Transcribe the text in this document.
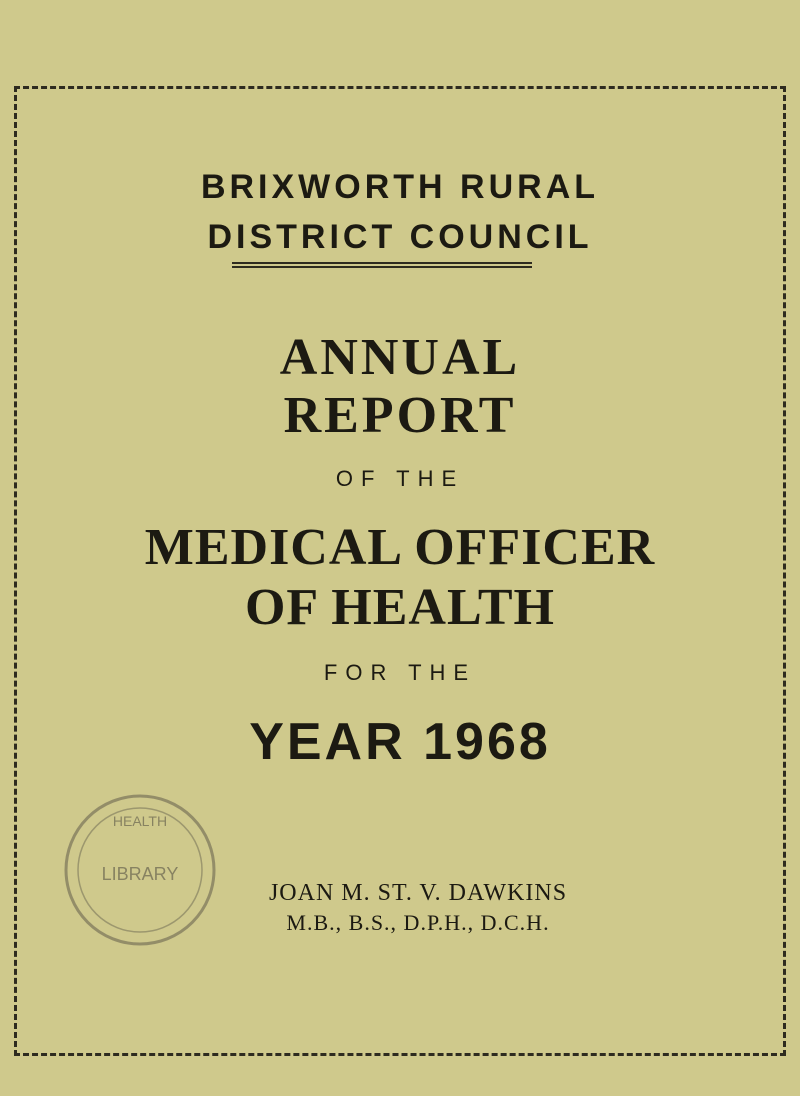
BRIXWORTH RURAL
DISTRICT COUNCIL
ANNUAL
REPORT

OF THE

MEDICAL OFFICER
OF HEALTH

FOR THE

YEAR 1968
HEALTH
LIBRARY

JOAN M. ST. V. DAWKINS

M.B., B.S., D.P.H., D.C.H.
